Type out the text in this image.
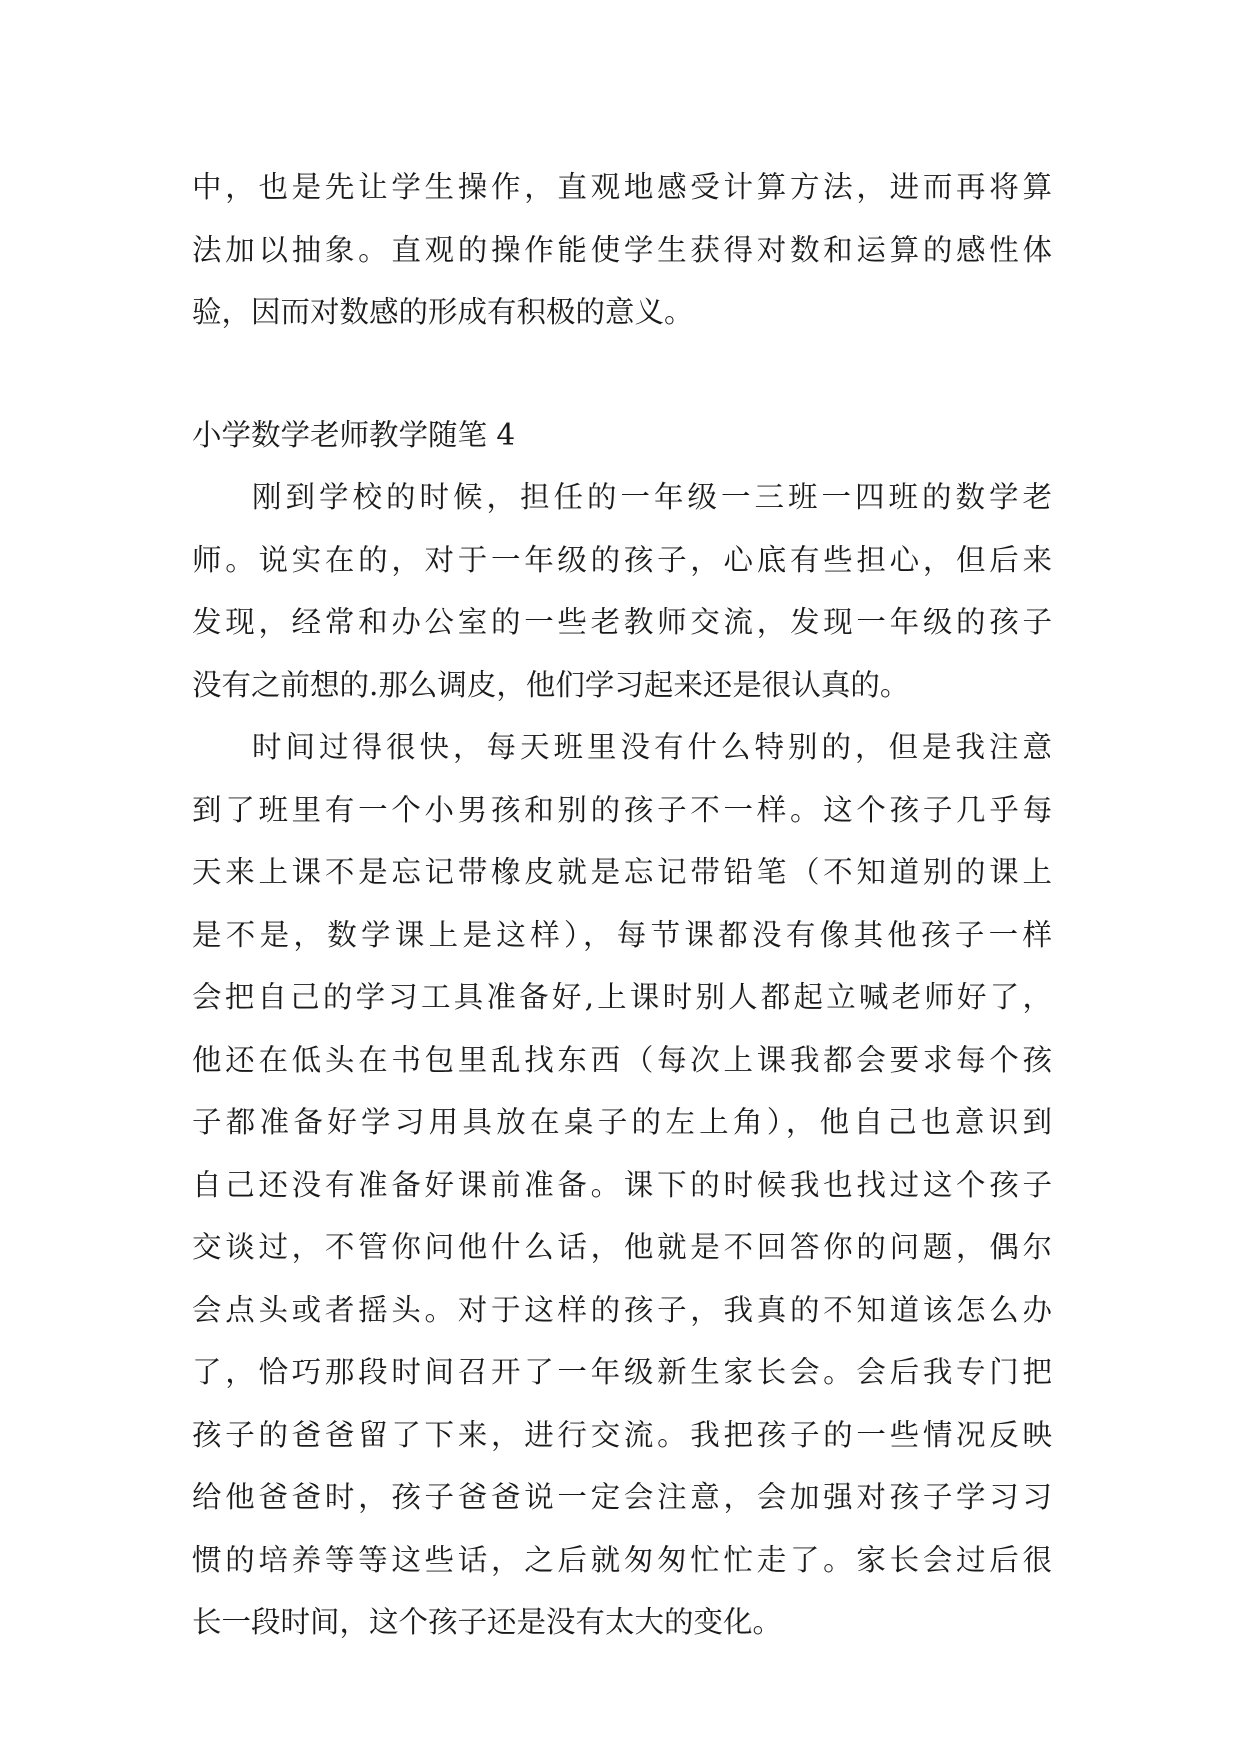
中，也是先让学生操作，直观地感受计算方法，进而再将算
法加以抽象。直观的操作能使学生获得对数和运算的感性体
验，因而对数感的形成有积极的意义。
小学数学老师教学随笔 4
刚到学校的时候，担任的一年级一三班一四班的数学老
师。说实在的，对于一年级的孩子，心底有些担心，但后来
发现，经常和办公室的一些老教师交流，发现一年级的孩子
没有之前想的.那么调皮，他们学习起来还是很认真的。
时间过得很快，每天班里没有什么特别的，但是我注意
到了班里有一个小男孩和别的孩子不一样。这个孩子几乎每
天来上课不是忘记带橡皮就是忘记带铅笔（不知道别的课上
是不是，数学课上是这样），每节课都没有像其他孩子一样
会把自己的学习工具准备好,上课时别人都起立喊老师好了，
他还在低头在书包里乱找东西（每次上课我都会要求每个孩
子都准备好学习用具放在桌子的左上角），他自己也意识到
自己还没有准备好课前准备。课下的时候我也找过这个孩子
交谈过，不管你问他什么话，他就是不回答你的问题，偶尔
会点头或者摇头。对于这样的孩子，我真的不知道该怎么办
了，恰巧那段时间召开了一年级新生家长会。会后我专门把
孩子的爸爸留了下来，进行交流。我把孩子的一些情况反映
给他爸爸时，孩子爸爸说一定会注意，会加强对孩子学习习
惯的培养等等这些话，之后就匆匆忙忙走了。家长会过后很
长一段时间，这个孩子还是没有太大的变化。
